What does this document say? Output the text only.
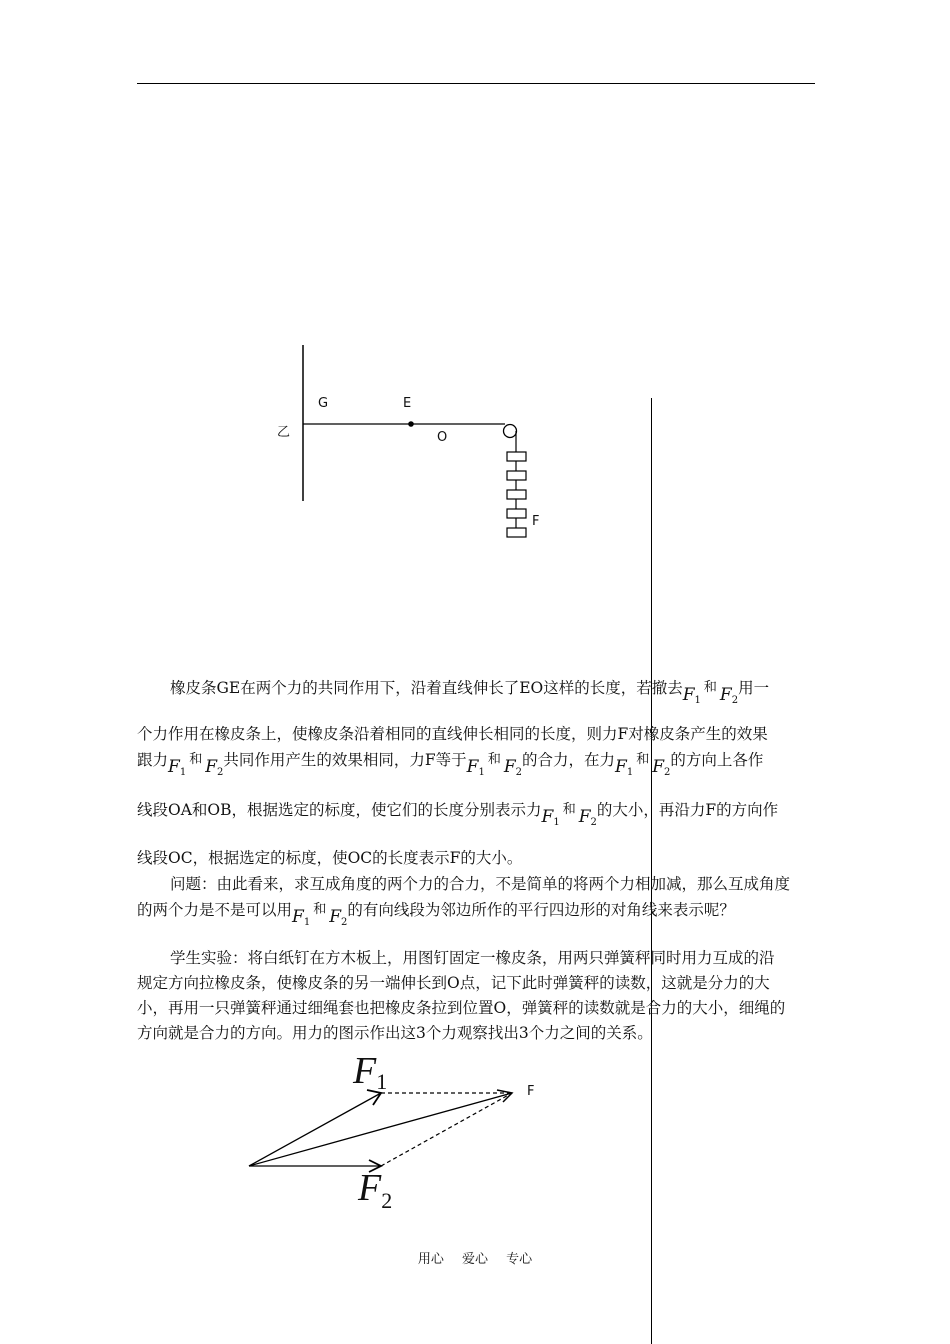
乙
G	E
O
F
橡皮条GE在两个力的共同作用下，沿着直线伸长了EO这样的长度，若撤去$F_1$和 $F_2$用一
个力作用在橡皮条上，使橡皮条沿着相同的直线伸长相同的长度，则力F对橡皮条产生的效果
跟力$F_1$和 $F_2$共同作用产生的效果相同，力F等于$F_1$和 $F_2$的合力，在力$F_1$和 $F_2$的方向上各作
线段OA和OB，根据选定的标度，使它们的长度分别表示力$F_1$和 $F_2$的大小，再沿力F的方向作
线段OC，根据选定的标度，使OC的长度表示F的大小。
问题：由此看来，求互成角度的两个力的合力，不是简单的将两个力相加减，那么互成角度
的两个力是不是可以用$F_1$和 $F_2$的有向线段为邻边所作的平行四边形的对角线来表示呢？
学生实验：将白纸钉在方木板上，用图钉固定一橡皮条，用两只弹簧秤同时用力互成的沿
规定方向拉橡皮条，使橡皮条的另一端伸长到O点，记下此时弹簧秤的读数，这就是分力的大
小，再用一只弹簧秤通过细绳套也把橡皮条拉到位置O，弹簧秤的读数就是合力的大小，细绳的
方向就是合力的方向。用力的图示作出这3个力观察找出3个力之间的关系。
F1
$F_2$
F
用心 爱心 专心
